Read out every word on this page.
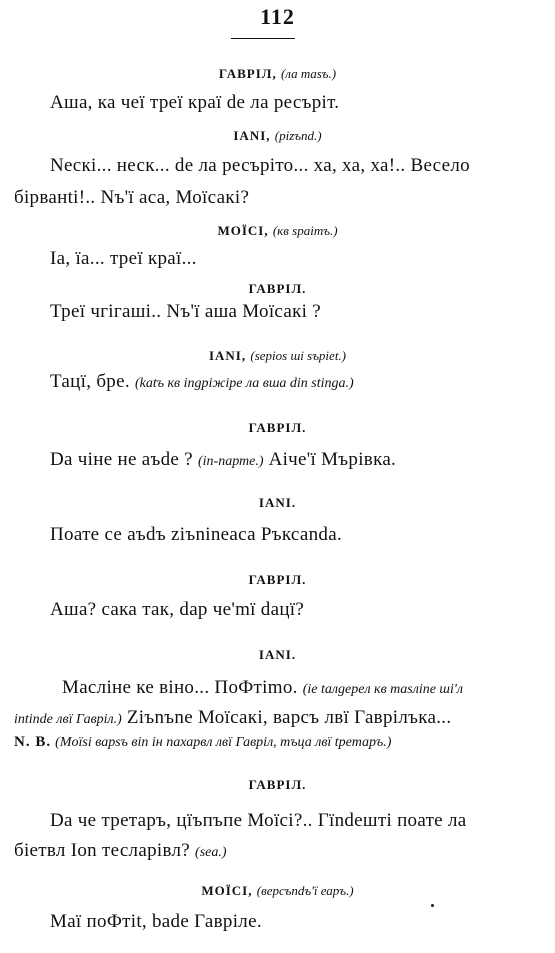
112
ГАВРІЛ, (ла masъ.)
Аша, ка чеї треї краї de ла ресърiт.
IANI, (pizъnd.)
Neскі... неск... de ла ресъріто... ха, ха, ха!.. Весело
бiрванti!.. Nъ'ї аса, Моїсакі?
МОЇСІ, (кв spaimъ.)
Ia, ïа... треї краї...
ГАВРІЛ.
Треї чгiгашi.. Nъ'ї аша Моїсакі ?
IANI, (sepios шi sъpiet.)
Тацї, бре. (katъ кв іngріжіре ла вша din stinga.)
ГАВРІЛ.
Da чіне не аъde ? (in-парте.) Аiче'ї Мърiвка.
IANI.
Поате се аъdъ ziъnineaса Ръксаnda.
ГАВРІЛ.
Аша? сака так, dap че'mї daцї?
IANI.
Масліне ке віно... ПоФтimо. (ie taлgерeл кв masліne шi'л
intinde лвї Гавріл.) Ziъnъne Моїсакі, варсъ лвї Гаврілъка...
N. B. (Moїsi варsъ віn ін пахарвл лвї Гавріл, тъца лвї tретаръ.)
ГАВРІЛ.
Da че трeтаръ, цїъпъпе Моїсi?.. Гїndешті поате ла
бiетвл Іоn тесларiвл? (sea.)
МОЇСІ, (версъndъ'ї еаръ.)
Маї поФтіt, bаde Гавріле.
